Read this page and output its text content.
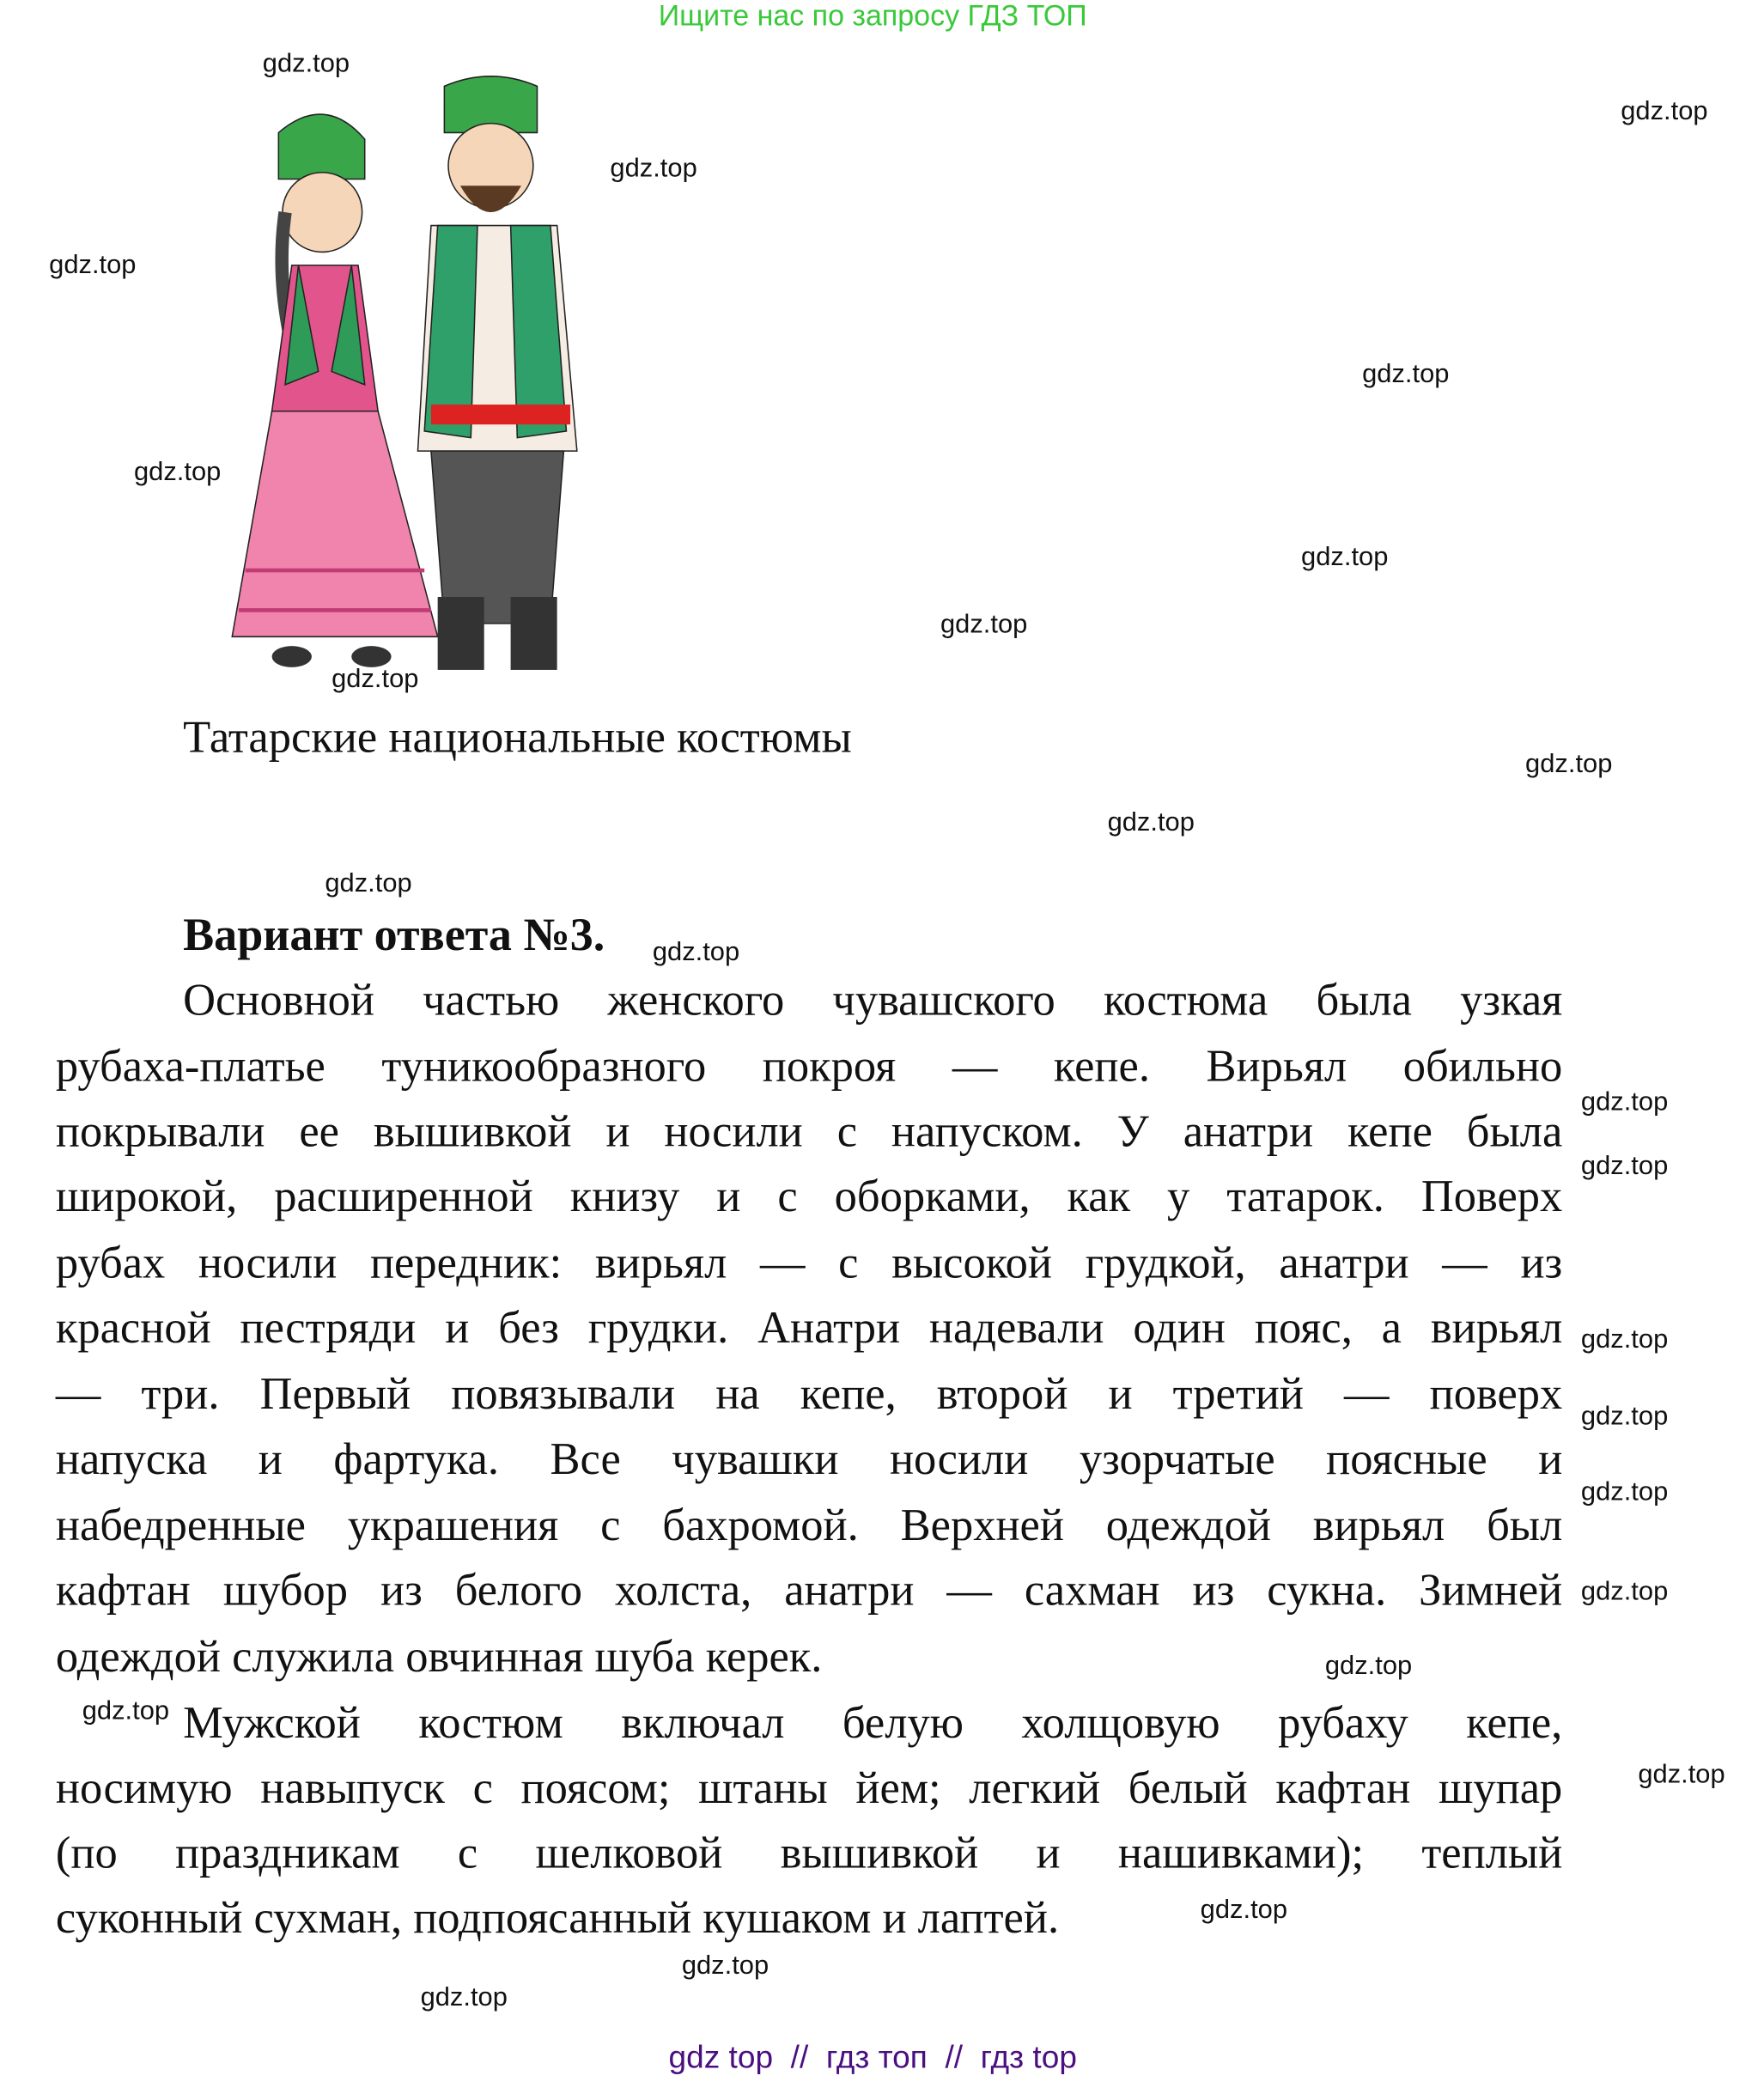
Ищите нас по запросу ГДЗ ТОП
gdz.top
gdz.top
gdz.top
gdz.top
gdz.top
gdz.top
gdz.top
gdz.top
gdz.top
gdz.top
gdz.top
gdz.top
gdz.top
gdz.top
gdz.top
gdz.top
gdz.top
gdz.top
gdz.top
gdz.top
gdz.top
gdz.top
gdz.top
gdz.top
gdz.top
Татарские национальные костюмы
Вариант ответа №3.
Основной частью женского чувашского костюма была узкая
рубаха-платье туникообразного покроя — кепе. Вирьял обильно
покрывали ее вышивкой и носили с напуском. У анатри кепе была
широкой, расширенной книзу и с оборками, как у татарок. Поверх
рубах носили передник: вирьял — с высокой грудкой, анатри — из
красной пестряди и без грудки. Анатри надевали один пояс, а вирьял
— три. Первый повязывали на кепе, второй и третий — поверх
напуска и фартука. Все чувашки носили узорчатые поясные и
набедренные украшения с бахромой. Верхней одеждой вирьял был
кафтан шубор из белого холста, анатри — сахман из сукна. Зимней
одеждой служила овчинная шуба керек.
Мужской костюм включал белую холщовую рубаху кепе,
носимую навыпуск с поясом; штаны йем; легкий белый кафтан шупар
(по праздникам с шелковой вышивкой и нашивками); теплый
суконный сухман, подпоясанный кушаком и лаптей.
gdz top  //  гдз топ  //  гдз top
